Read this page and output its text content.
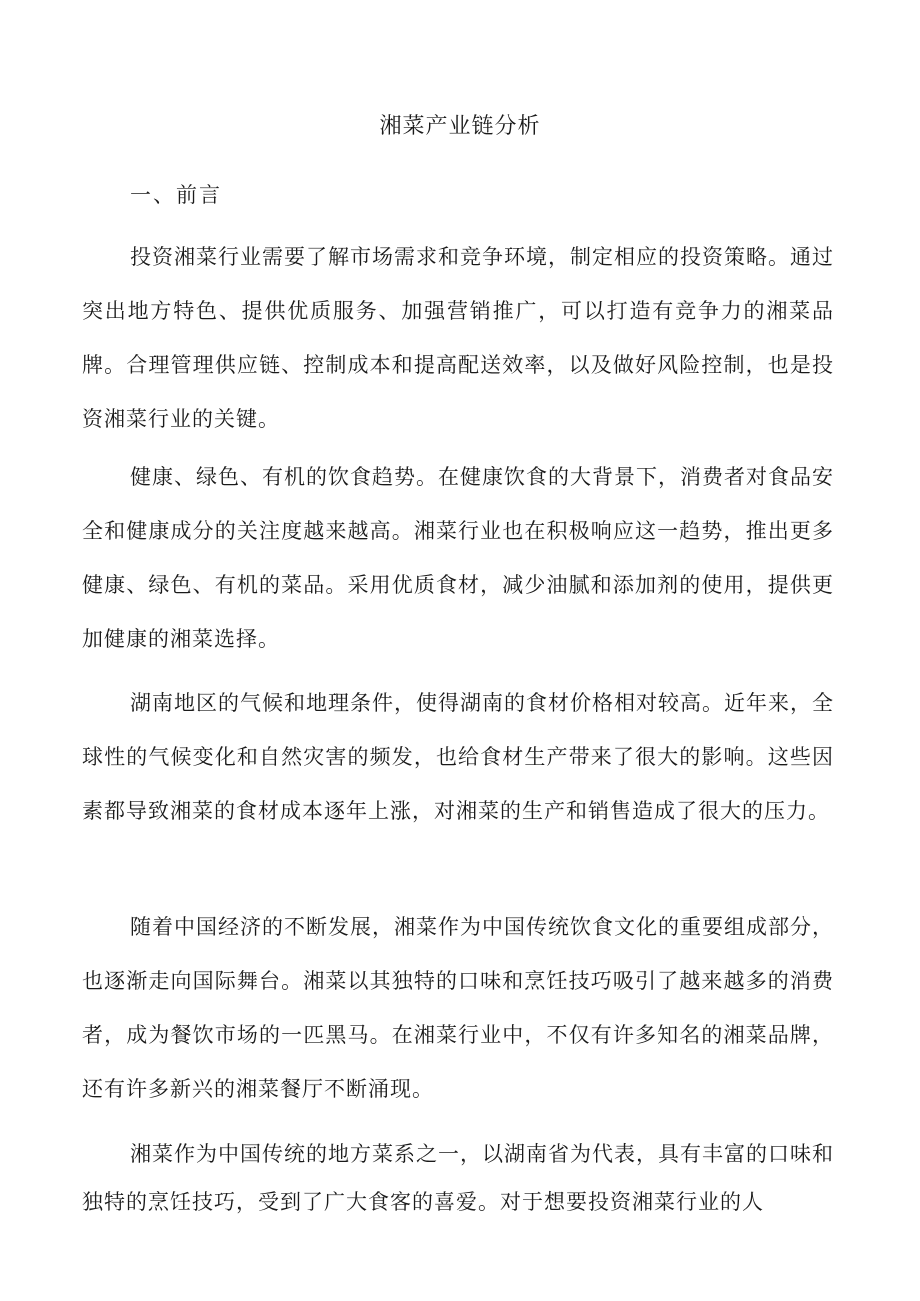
湘菜产业链分析
一、前言

投资湘菜行业需要了解市场需求和竞争环境，制定相应的投资策略。通过突出地方特色、提供优质服务、加强营销推广，可以打造有竞争力的湘菜品牌。合理管理供应链、控制成本和提高配送效率，以及做好风险控制，也是投资湘菜行业的关键。

健康、绿色、有机的饮食趋势。在健康饮食的大背景下，消费者对食品安全和健康成分的关注度越来越高。湘菜行业也在积极响应这一趋势，推出更多健康、绿色、有机的菜品。采用优质食材，减少油腻和添加剂的使用，提供更加健康的湘菜选择。

湖南地区的气候和地理条件，使得湖南的食材价格相对较高。近年来，全球性的气候变化和自然灾害的频发，也给食材生产带来了很大的影响。这些因素都导致湘菜的食材成本逐年上涨，对湘菜的生产和销售造成了很大的压力。

随着中国经济的不断发展，湘菜作为中国传统饮食文化的重要组成部分，也逐渐走向国际舞台。湘菜以其独特的口味和烹饪技巧吸引了越来越多的消费者，成为餐饮市场的一匹黑马。在湘菜行业中，不仅有许多知名的湘菜品牌，还有许多新兴的湘菜餐厅不断涌现。

湘菜作为中国传统的地方菜系之一，以湖南省为代表，具有丰富的口味和独特的烹饪技巧，受到了广大食客的喜爱。对于想要投资湘菜行业的人
